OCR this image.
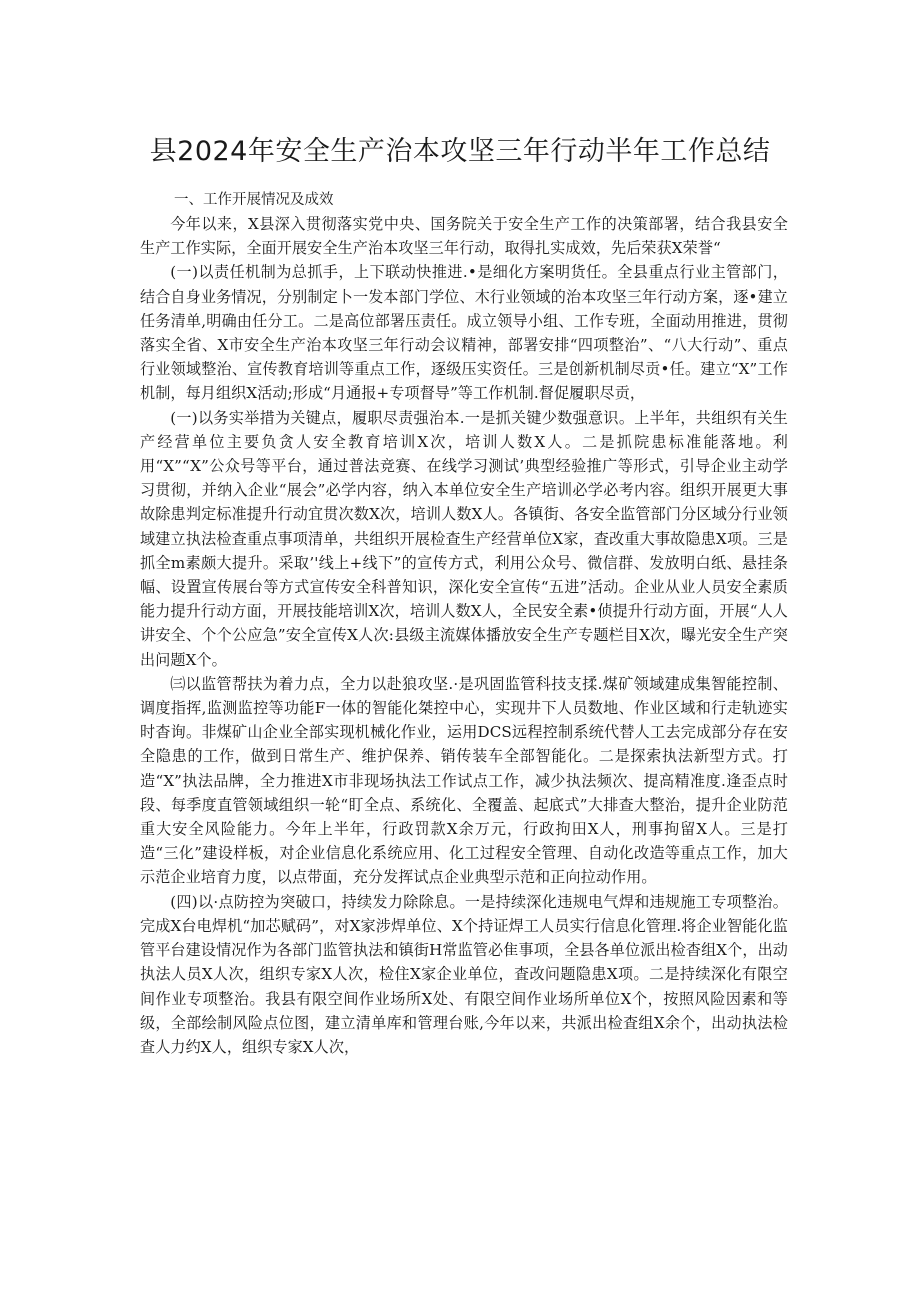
县2024年安全生产治本攻坚三年行动半年工作总结

一、工作开展情况及成效

今年以来，X县深入贯彻落实党中央、国务院关于安全生产工作的决策部署，结合我县安全生产工作实际，全面开展安全生产治本攻坚三年行动，取得扎实成效，先后荣获X荣誉“

(一)以责任机制为总抓手，上下联动快推进.•是细化方案明货任。全县重点行业主管部门，结合自身业务情况，分别制定卜一发本部门学位、木行业领域的治本攻坚三年行动方案，逐•建立任务清单,明确由任分工。二是高位部署压责任。成立领导小组、工作专班，全面动用推进，贯彻落实全省、X市安全生产治本攻坚三年行动会议精神，部署安排“四项整治”、“八大行动”、重点行业领域整治、宣传教育培训等重点工作，逐级压实资任。三是创新机制尽贡•任。建立“X”工作机制，每月组织X活动;形成“月通报+专项督导”等工作机制.督促履职尽贡，

(一)以务实举措为关键点，履职尽责强治本.一是抓关键少数强意识。上半年，共组织有关生产经营单位主要负贪人安全教育培训X次，培训人数X人。二是抓院患标准能落地。利用“X”“X”公众号等平台，通过普法竞赛、在线学习测试’典型经验推广等形式，引导企业主动学习贯彻，并纳入企业“展会”必学内容，纳入本单位安全生产培训必学必考内容。组织开展更大事故除患判定标准提升行动宜贯次数X次，培训人数X人。各镇街、各安全监管部门分区域分行业领域建立执法检查重点事项清单，共组织开展检查生产经营单位X家，査改重大事故隐患X项。三是抓全m素颇大提升。采取’'线上+线下”的宣传方式，利用公众号、微信群、发放明白纸、悬挂条幅、设置宣传展台等方式宣传安全科普知识，深化安全宣传“五进”活动。企业从业人员安全素质能力提升行动方面，开展技能培训X次，培训人数X人，全民安全素•侦提升行动方面，开展“人人讲安全、个个公应急”安全宣传X人次:县级主流媒体播放安全生产专题栏目X次，曝光安全生产突出问题X个。

㈢以监管帮扶为着力点，全力以赴狼攻坚.·是巩固监管科技支揉.煤矿领域建成集智能控制、调度指挥,监测监控等功能F一体的智能化桀控中心，实现井下人员数地、作业区域和行走轨迹实时杳询。非煤矿山企业全部实现机械化作业，运用DCS远程控制系统代替人工去完成部分存在安全隐患的工作，做到日常生产、维护保养、销传装车全部智能化。二是探索执法新型方式。打造“X”执法品牌，全力推进X市非现场执法工作试点工作，减少执法频次、提高精准度.逢歪点时段、每季度直管领域组织一轮“盯全点、系统化、全覆盖、起底式”大排查大整治，提升企业防范重大安全风险能力。今年上半年，行政罚款X余万元，行政拘田X人，刑事拘留X人。三是打造“三化”建设样板，对企业信息化系统应用、化工过程安全管理、自动化改造等重点工作，加大示范企业培育力度，以点带面，充分发挥试点企业典型示范和正向拉动作用。

(四)以·点防控为突破口，持续发力除除息。一是持续深化违规电气焊和违规施工专项整治。完成X台电焊机“加芯赋码”，对X家涉焊单位、X个持证焊工人员实行信息化管理.将企业智能化监管平台建设情况作为各部门监管执法和镇街H常监管必隹事项，全县各单位派出检杳组X个，出动执法人员X人次，组织专家X人次，检住X家企业单位，査改问题隐患X项。二是持续深化有限空间作业专项整治。我县有限空间作业场所X处、有限空间作业场所单位X个，按照风险因素和等级，全部绘制风险点位图，建立清单库和管理台账,今年以来，共派出检査组X余个，出动执法检查人力约X人，组织专家X人次，
